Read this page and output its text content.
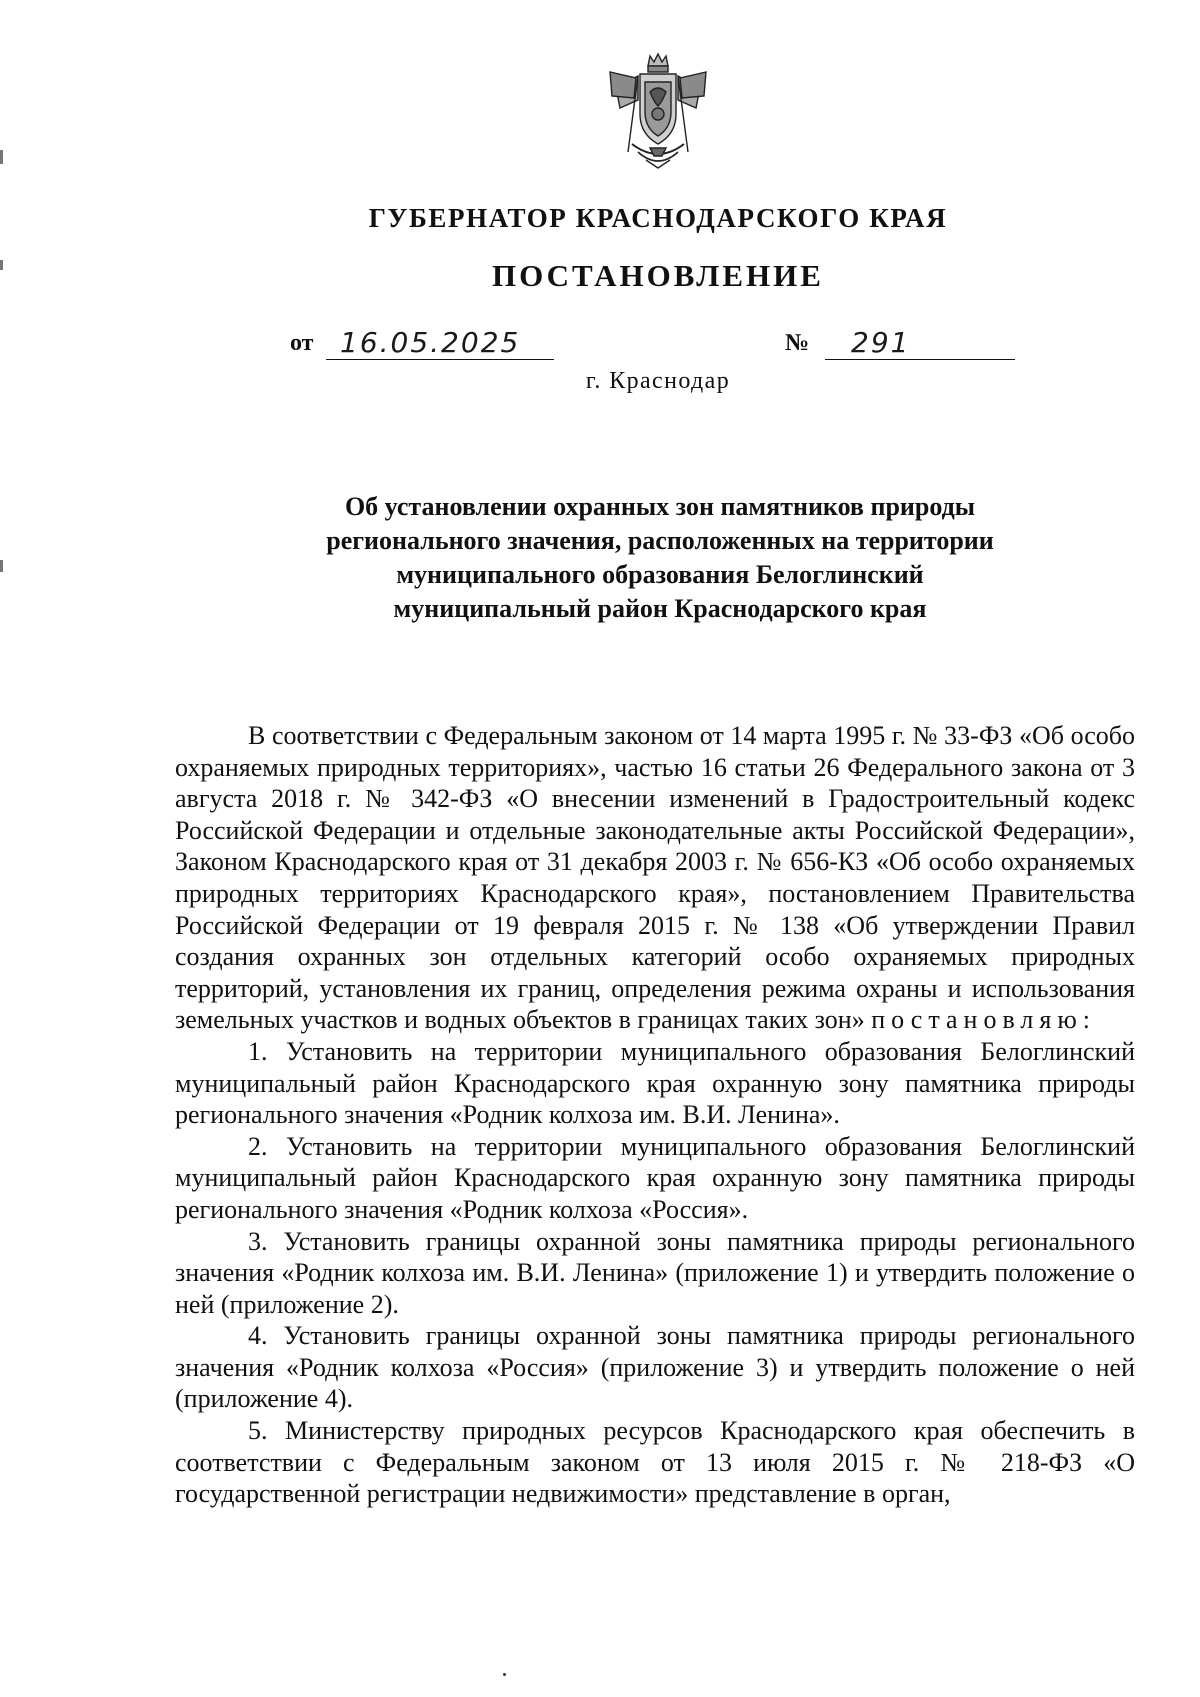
ГУБЕРНАТОР КРАСНОДАРСКОГО КРАЯ
ПОСТАНОВЛЕНИЕ
от 16.05.2025	№ 291
г. Краснодар
Об установлении охранных зон памятников природы
регионального значения, расположенных на территории
муниципального образования Белоглинский
муниципальный район Краснодарского края

В соответствии с Федеральным законом от 14 марта 1995 г. № 33-ФЗ «Об особо охраняемых природных территориях», частью 16 статьи 26 Федерального закона от 3 августа 2018 г. № 342-ФЗ «О внесении изменений в Градостроительный кодекс Российской Федерации и отдельные законодательные акты Российской Федерации», Законом Краснодарского края от 31 декабря 2003 г. № 656-КЗ «Об особо охраняемых природных территориях Краснодарского края», постановлением Правительства Российской Федерации от 19 февраля 2015 г. № 138 «Об утверждении Правил создания охранных зон отдельных категорий особо охраняемых природных территорий, установления их границ, определения режима охраны и использования земельных участков и водных объектов в границах таких зон» постановляю:

1. Установить на территории муниципального образования Белоглинский муниципальный район Краснодарского края охранную зону памятника природы регионального значения «Родник колхоза им. В.И. Ленина».

2. Установить на территории муниципального образования Белоглинский муниципальный район Краснодарского края охранную зону памятника природы регионального значения «Родник колхоза «Россия».

3. Установить границы охранной зоны памятника природы регионального значения «Родник колхоза им. В.И. Ленина» (приложение 1) и утвердить положение о ней (приложение 2).

4. Установить границы охранной зоны памятника природы регионального значения «Родник колхоза «Россия» (приложение 3) и утвердить положение о ней (приложение 4).

5. Министерству природных ресурсов Краснодарского края обеспечить в соответствии с Федеральным законом от 13 июля 2015 г. № 218-ФЗ «О государственной регистрации недвижимости» представление в орган,
